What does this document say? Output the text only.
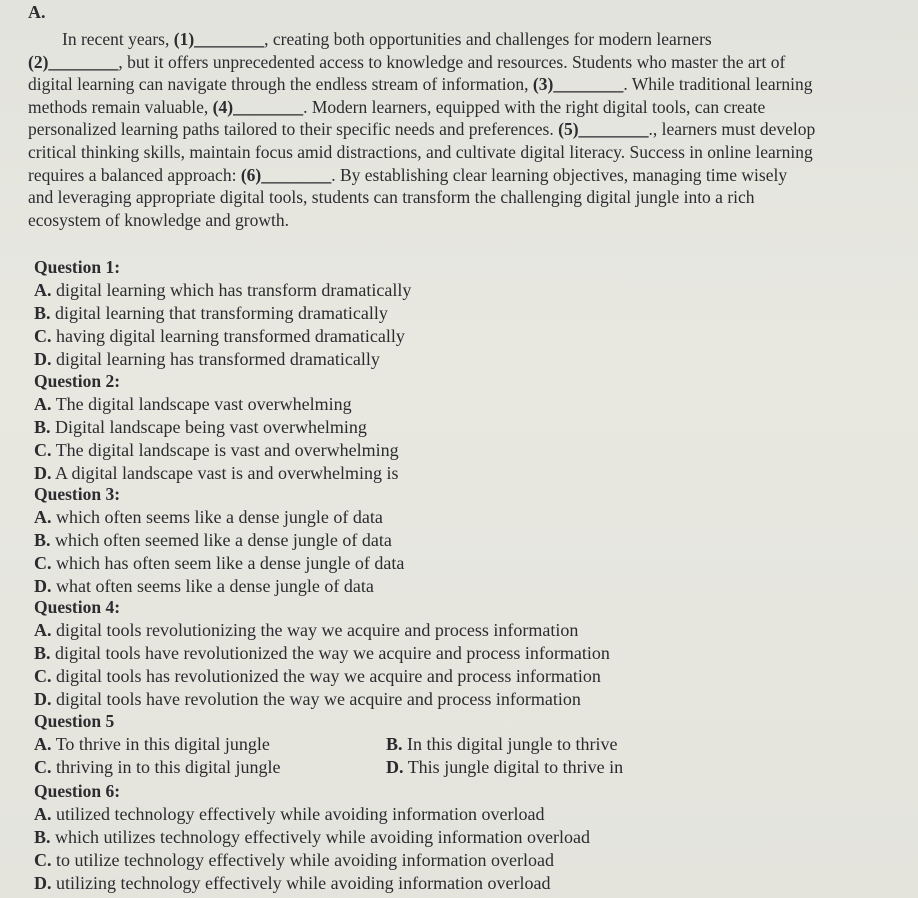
A.
In recent years, (1)________, creating both opportunities and challenges for modern learners
(2)________, but it offers unprecedented access to knowledge and resources. Students who master the art of
digital learning can navigate through the endless stream of information, (3)________. While traditional learning
methods remain valuable, (4)________. Modern learners, equipped with the right digital tools, can create
personalized learning paths tailored to their specific needs and preferences. (5)________., learners must develop
critical thinking skills, maintain focus amid distractions, and cultivate digital literacy. Success in online learning
requires a balanced approach: (6)________. By establishing clear learning objectives, managing time wisely
and leveraging appropriate digital tools, students can transform the challenging digital jungle into a rich
ecosystem of knowledge and growth.
Question 1:
A. digital learning which has transform dramatically
B. digital learning that transforming dramatically
C. having digital learning transformed dramatically
D. digital learning has transformed dramatically
Question 2:
A. The digital landscape vast overwhelming
B. Digital landscape being vast overwhelming
C. The digital landscape is vast and overwhelming
D. A digital landscape vast is and overwhelming is
Question 3:
A. which often seems like a dense jungle of data
B. which often seemed like a dense jungle of data
C. which has often seem like a dense jungle of data
D. what often seems like a dense jungle of data
Question 4:
A. digital tools revolutionizing the way we acquire and process information
B. digital tools have revolutionized the way we acquire and process information
C. digital tools has revolutionized the way we acquire and process information
D. digital tools have revolution the way we acquire and process information
Question 5
A. To thrive in this digital jungle	B. In this digital jungle to thrive
C. thriving in to this digital jungle	D. This jungle digital to thrive in
Question 6:
A. utilized technology effectively while avoiding information overload
B. which utilizes technology effectively while avoiding information overload
C. to utilize technology effectively while avoiding information overload
D. utilizing technology effectively while avoiding information overload
